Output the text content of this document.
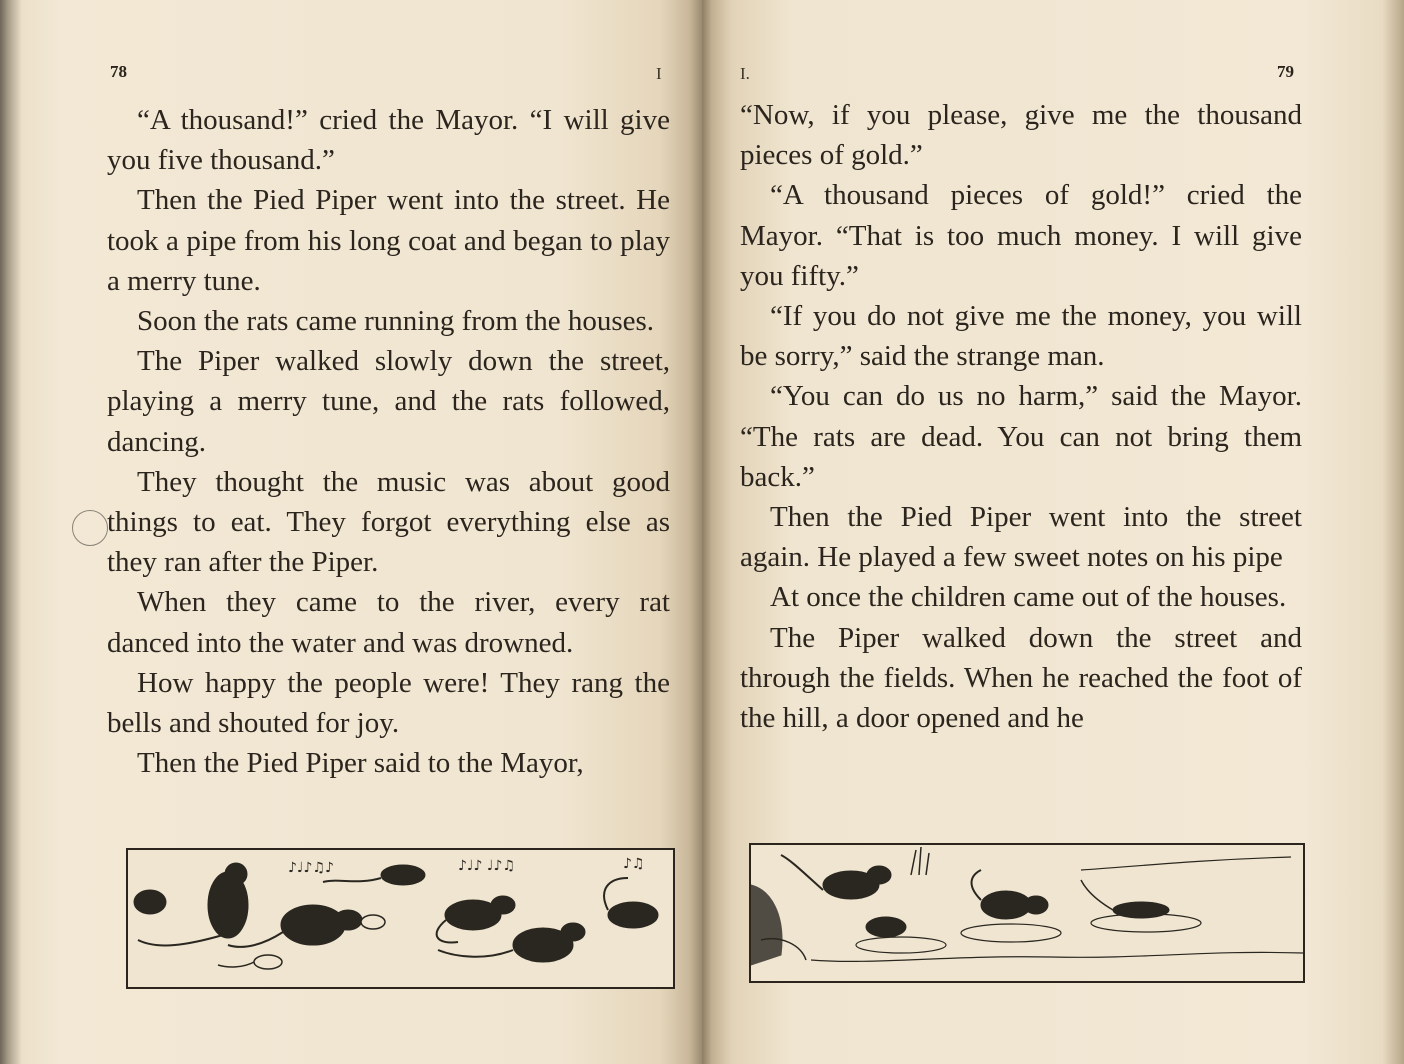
78	I

“A thousand!” cried the Mayor. “I will give you five thousand.”

Then the Pied Piper went into the street. He took a pipe from his long coat and began to play a merry tune.

Soon the rats came running from the houses.

The Piper walked slowly down the street, playing a merry tune, and the rats followed, dancing.

They thought the music was about good things to eat. They forgot everything else as they ran after the Piper.

When they came to the river, every rat danced into the water and was drowned.

How happy the people were! They rang the bells and shouted for joy.

Then the Pied Piper said to the Mayor,

♪♩♪♫♪	♪♩♪ ♩♪♫	♪♫
I.	79

“Now, if you please, give me the thousand pieces of gold.”

“A thousand pieces of gold!” cried the Mayor. “That is too much money. I will give you fifty.”

“If you do not give me the money, you will be sorry,” said the strange man.

“You can do us no harm,” said the Mayor. “The rats are dead. You can not bring them back.”

Then the Pied Piper went into the street again. He played a few sweet notes on his pipe

At once the children came out of the houses.

The Piper walked down the street and through the fields. When he reached the foot of the hill, a door opened and he
